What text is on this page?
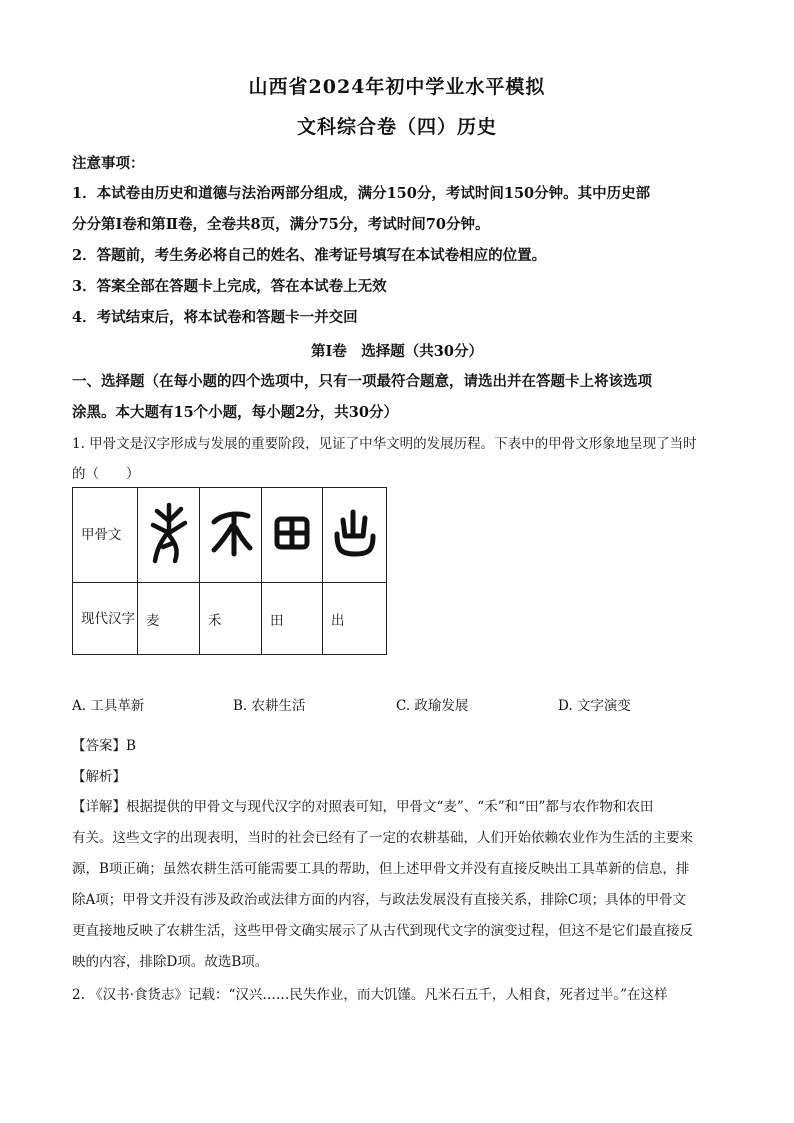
山西省2024年初中学业水平模拟
文科综合卷（四）历史
注意事项：
1．本试卷由历史和道德与法治两部分组成，满分150分，考试时间150分钟。其中历史部
分分第Ⅰ卷和第Ⅱ卷，全卷共8页，满分75分，考试时间70分钟。
2．答题前，考生务必将自己的姓名、准考证号填写在本试卷相应的位置。
3．答案全部在答题卡上完成，答在本试卷上无效
4．考试结束后，将本试卷和答题卡一并交回
第Ⅰ卷　选择题（共30分）
一、选择题（在每小题的四个选项中，只有一项最符合题意，请选出并在答题卡上将该选项
涂黑。本大题有15个小题，每小题2分，共30分）
1. 甲骨文是汉字形成与发展的重要阶段，见证了中华文明的发展历程。下表中的甲骨文形象地呈现了当时
的（　　）
甲骨文				
现代汉字	麦	禾	田	出
A. 工具革新	B. 农耕生活	C. 政瑜发展	D. 文字演变
【答案】B
【解析】
【详解】根据提供的甲骨文与现代汉字的对照表可知，甲骨文“麦”、“禾”和“田”都与农作物和农田
有关。这些文字的出现表明，当时的社会已经有了一定的农耕基础，人们开始依赖农业作为生活的主要来
源，B项正确；虽然农耕生活可能需要工具的帮助，但上述甲骨文并没有直接反映出工具革新的信息，排
除A项；甲骨文并没有涉及政治或法律方面的内容，与政法发展没有直接关系，排除C项；具体的甲骨文
更直接地反映了农耕生活，这些甲骨文确实展示了从古代到现代文字的演变过程，但这不是它们最直接反
映的内容，排除D项。故选B项。
2. 《汉书·食货志》记载：“汉兴……民失作业，而大饥馑。凡米石五千，人相食，死者过半。”在这样
